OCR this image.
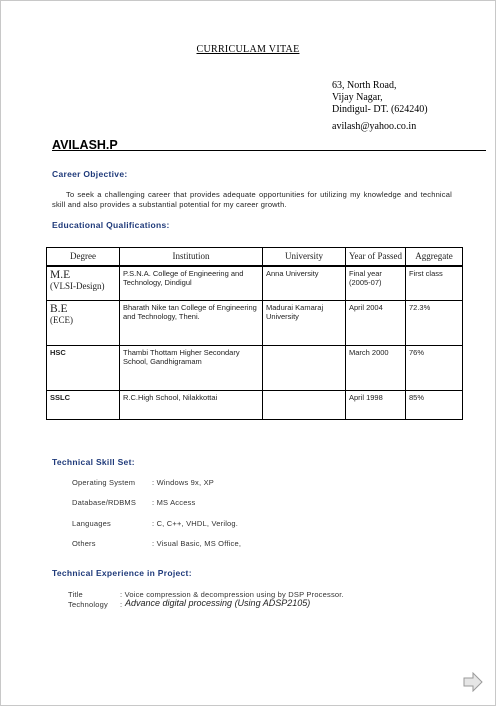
CURRICULAM VITAE
63, North Road,
Vijay Nagar,
Dindigul- DT. (624240)
avilash@yahoo.co.in
AVILASH.P
Career Objective:
To seek a challenging career that provides adequate opportunities for utilizing my knowledge and technical skill and also provides a substantial potential for my career growth.
Educational Qualifications:
Degree	Institution	University	Year of Passed	Aggregate

M.E
(VLSI-Design)	P.S.N.A. College of Engineering and Technology, Dindigul	Anna University	Final year (2005-07)	First class

B.E
(ECE)	Bharath Nike tan College of Engineering and Technology, Theni.	Madurai Kamaraj University	April 2004	72.3%
HSC	Thambi Thottam Higher Secondary School, Gandhigramam		March 2000	76%
SSLC	R.C.High School, Nilakkottai		April 1998	85%
Technical Skill Set:
Operating System : Windows 9x, XP
Database/RDBMS : MS Access
Languages	: C, C++, VHDL, Verilog.
Others	: Visual Basic, MS Office,
Technical Experience in Project:
Title	: Voice compression & decompression using by DSP Processor.
Technology : Advance digital processing (Using ADSP2105)
